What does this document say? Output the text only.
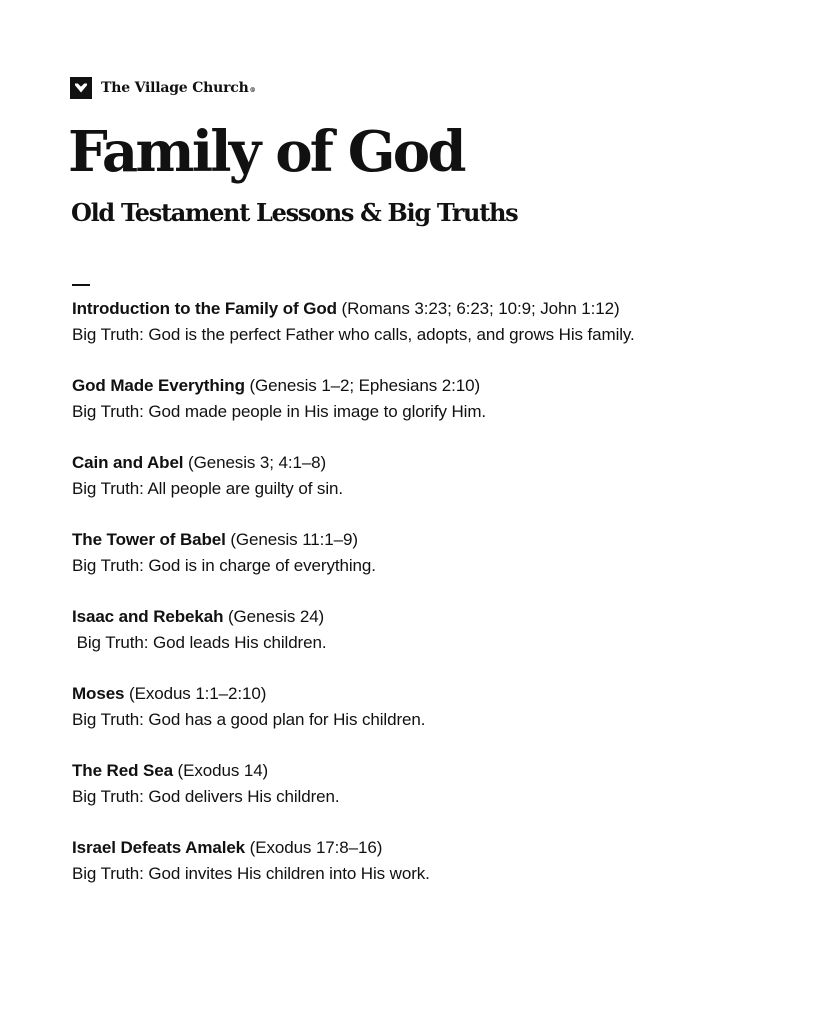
The Village Church®
Family of God
Old Testament Lessons & Big Truths
Introduction to the Family of God (Romans 3:23; 6:23; 10:9; John 1:12)
Big Truth: God is the perfect Father who calls, adopts, and grows His family.
God Made Everything (Genesis 1–2; Ephesians 2:10)
Big Truth: God made people in His image to glorify Him.
Cain and Abel (Genesis 3; 4:1–8)
Big Truth: All people are guilty of sin.
The Tower of Babel (Genesis 11:1–9)
Big Truth: God is in charge of everything.
Isaac and Rebekah (Genesis 24)
Big Truth: God leads His children.
Moses (Exodus 1:1–2:10)
Big Truth: God has a good plan for His children.
The Red Sea (Exodus 14)
Big Truth: God delivers His children.
Israel Defeats Amalek (Exodus 17:8–16)
Big Truth: God invites His children into His work.
